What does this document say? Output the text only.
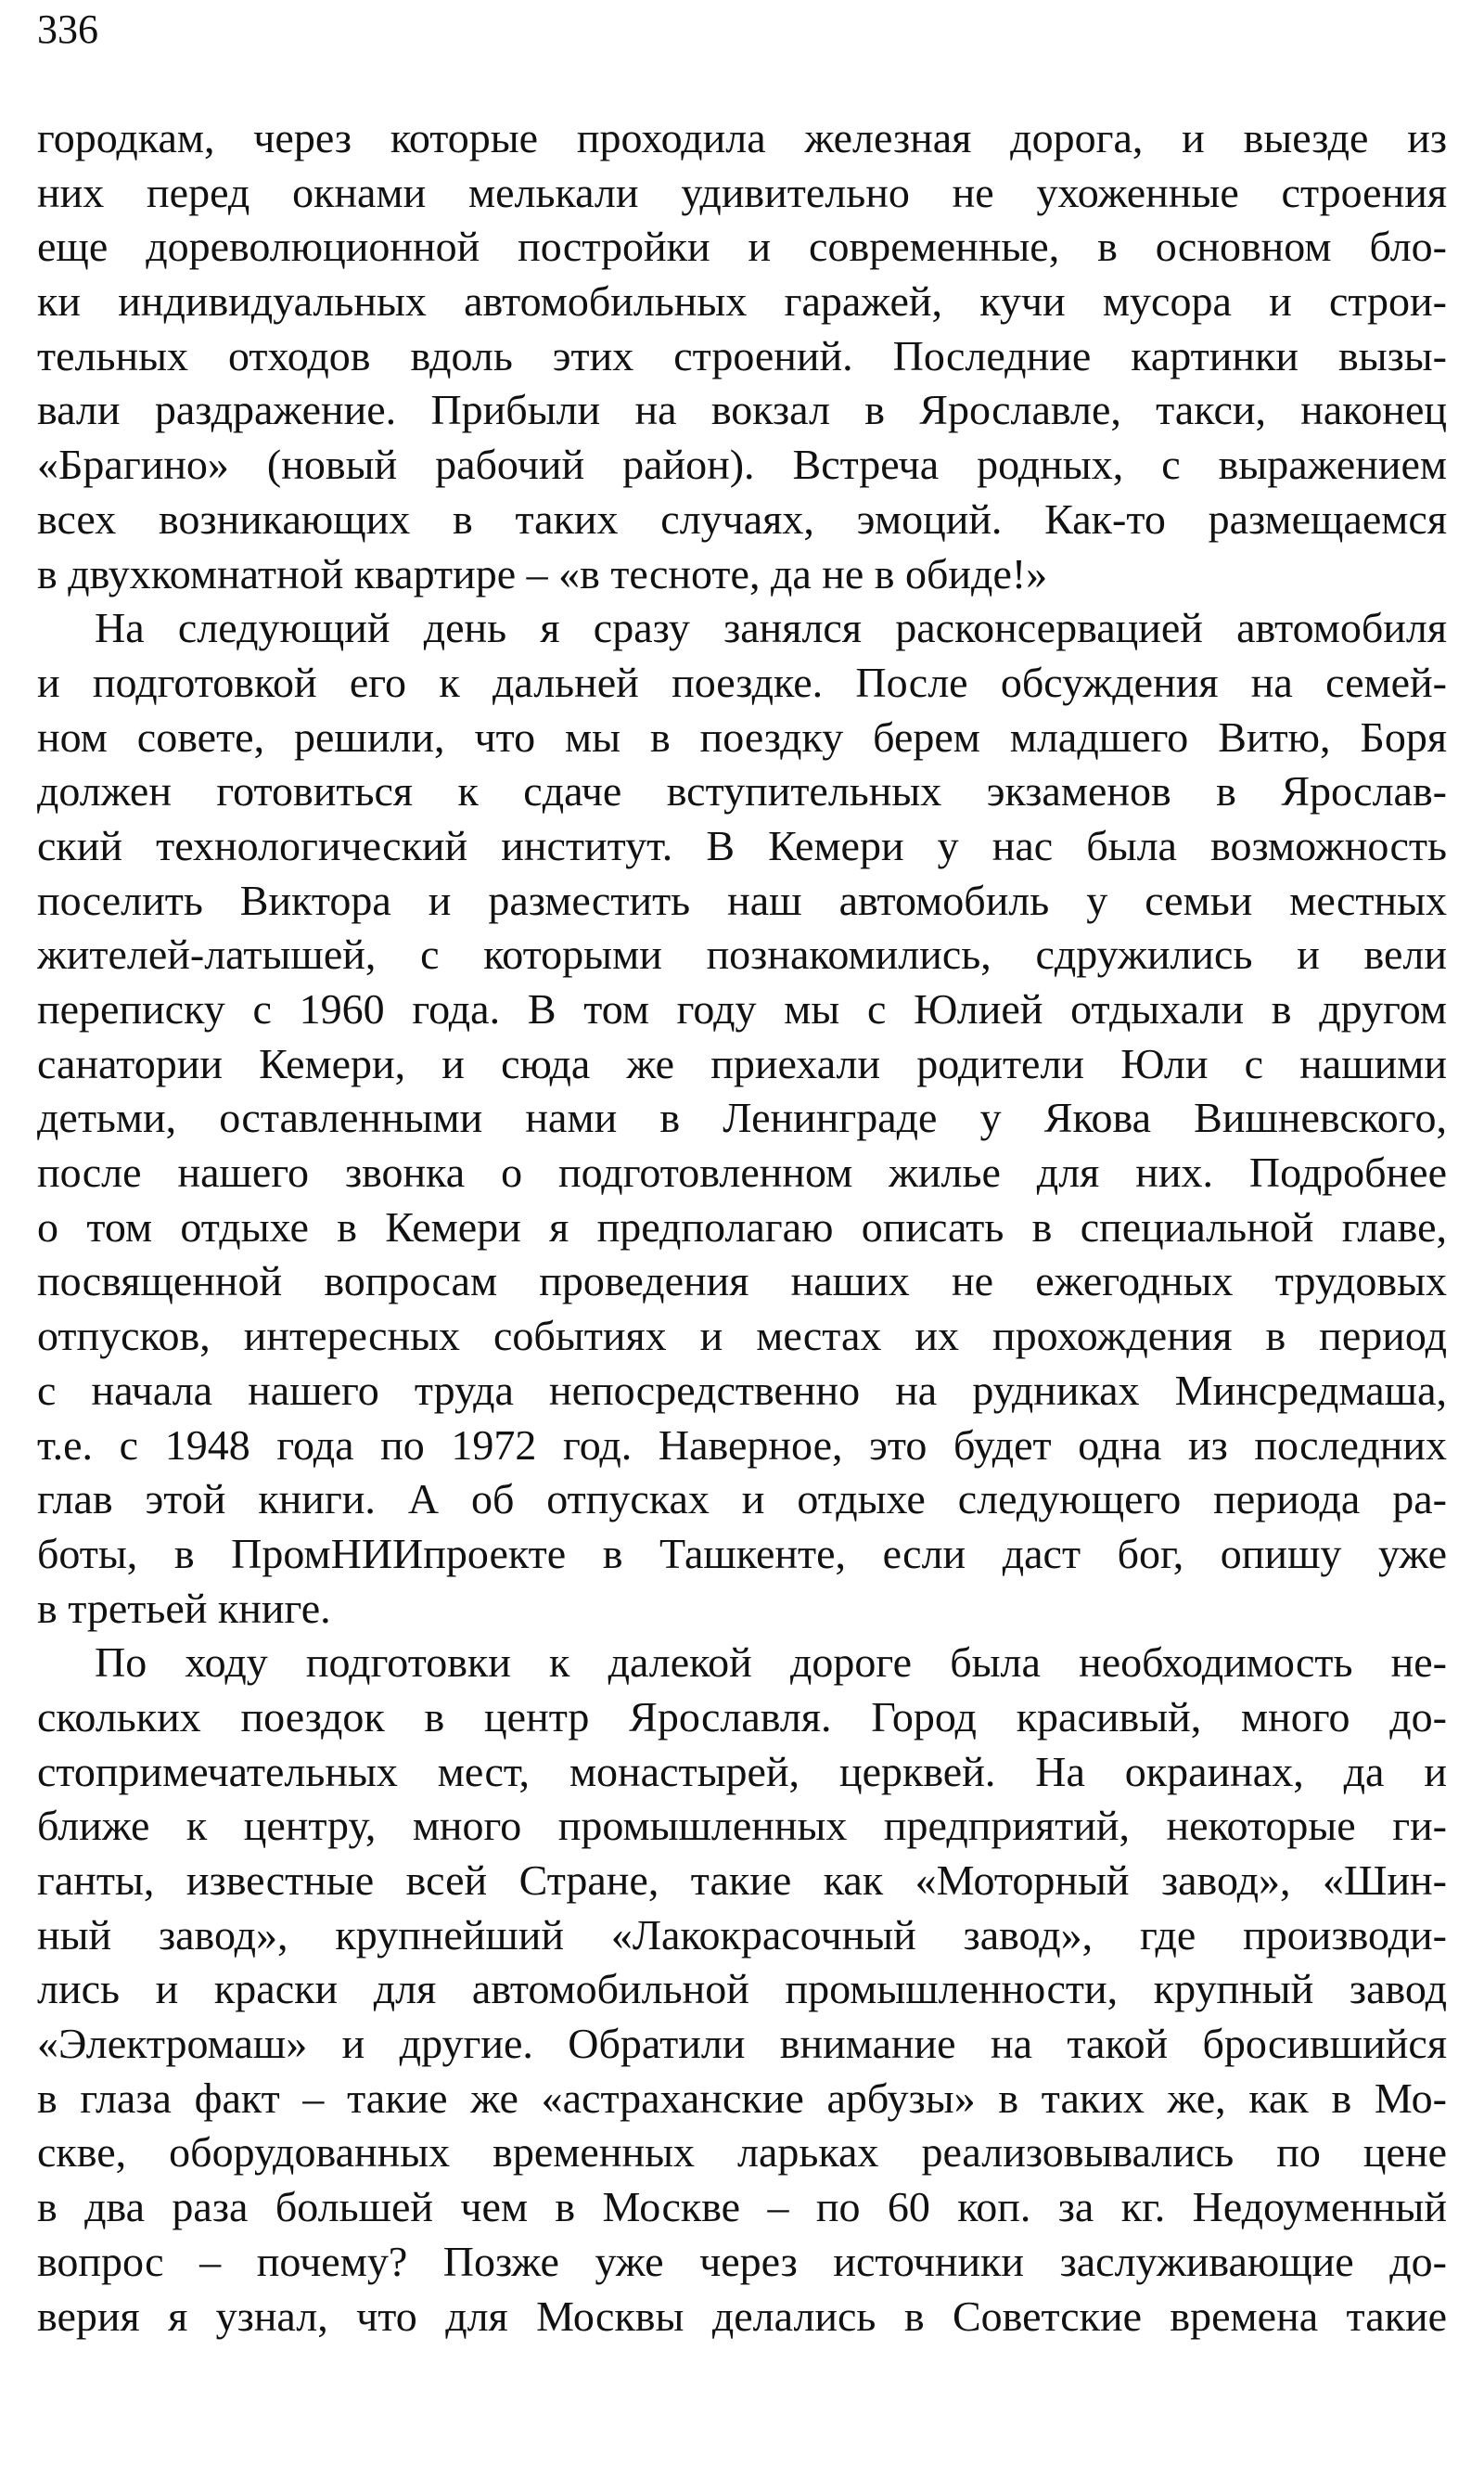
336
городкам, через которые проходила железная дорога, и выезде из
них перед окнами мелькали удивительно не ухоженные строения
еще дореволюционной постройки и современные, в основном бло-
ки индивидуальных автомобильных гаражей, кучи мусора и строи-
тельных отходов вдоль этих строений. Последние картинки вызы-
вали раздражение. Прибыли на вокзал в Ярославле, такси, наконец
«Брагино» (новый рабочий район). Встреча родных, с выражением
всех возникающих в таких случаях, эмоций. Как-то размещаемся
в двухкомнатной квартире – «в тесноте, да не в обиде!»
На следующий день я сразу занялся расконсервацией автомобиля
и подготовкой его к дальней поездке. После обсуждения на семей-
ном совете, решили, что мы в поездку берем младшего Витю, Боря
должен готовиться к сдаче вступительных экзаменов в Ярослав-
ский технологический институт. В Кемери у нас была возможность
поселить Виктора и разместить наш автомобиль у семьи местных
жителей-латышей, с которыми познакомились, сдружились и вели
переписку с 1960 года. В том году мы с Юлией отдыхали в другом
санатории Кемери, и сюда же приехали родители Юли с нашими
детьми, оставленными нами в Ленинграде у Якова Вишневского,
после нашего звонка о подготовленном жилье для них. Подробнее
о том отдыхе в Кемери я предполагаю описать в специальной главе,
посвященной вопросам проведения наших не ежегодных трудовых
отпусков, интересных событиях и местах их прохождения в период
с начала нашего труда непосредственно на рудниках Минсредмаша,
т.е. с 1948 года по 1972 год. Наверное, это будет одна из последних
глав этой книги. А об отпусках и отдыхе следующего периода ра-
боты, в ПромНИИпроекте в Ташкенте, если даст бог, опишу уже
в третьей книге.
По ходу подготовки к далекой дороге была необходимость не-
скольких поездок в центр Ярославля. Город красивый, много до-
стопримечательных мест, монастырей, церквей. На окраинах, да и
ближе к центру, много промышленных предприятий, некоторые ги-
ганты, известные всей Стране, такие как «Моторный завод», «Шин-
ный завод», крупнейший «Лакокрасочный завод», где производи-
лись и краски для автомобильной промышленности, крупный завод
«Электромаш» и другие. Обратили внимание на такой бросившийся
в глаза факт – такие же «астраханские арбузы» в таких же, как в Мо-
скве, оборудованных временных ларьках реализовывались по цене
в два раза большей чем в Москве – по 60 коп. за кг. Недоуменный
вопрос – почему? Позже уже через источники заслуживающие до-
верия я узнал, что для Москвы делались в Советские времена такие
